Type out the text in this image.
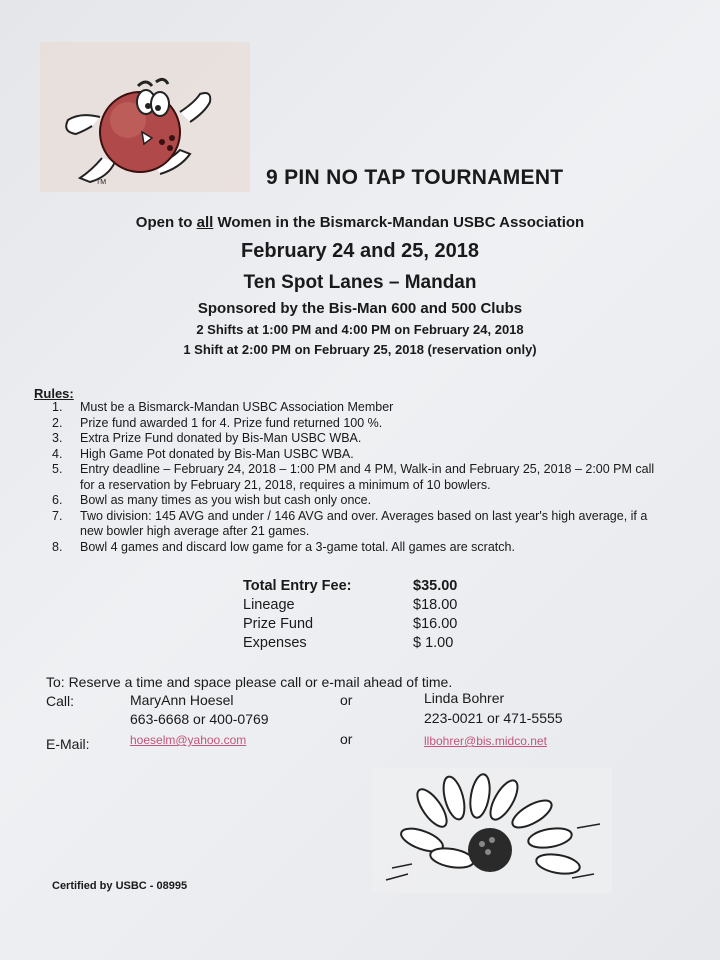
TM	9 PIN NO TAP TOURNAMENT
Open to all Women in the Bismarck-Mandan USBC Association
February 24 and 25, 2018
Ten Spot Lanes – Mandan
Sponsored by the Bis-Man 600 and 500 Clubs
2 Shifts at 1:00 PM and 4:00 PM on February 24, 2018
1 Shift at 2:00 PM on February 25, 2018 (reservation only)
Rules:
1.	Must be a Bismarck-Mandan USBC Association Member
2.	Prize fund awarded 1 for 4. Prize fund returned 100 %.
3.	Extra Prize Fund donated by Bis-Man USBC WBA.
4.	High Game Pot donated by Bis-Man USBC WBA.
5.	Entry deadline – February 24, 2018 – 1:00 PM and 4 PM, Walk-in and February 25, 2018 – 2:00 PM call for a reservation by February 21, 2018, requires a minimum of 10 bowlers.
6.	Bowl as many times as you wish but cash only once.
7.	Two division: 145 AVG and under / 146 AVG and over. Averages based on last year's high average, if a new bowler high average after 21 games.
8.	Bowl 4 games and discard low game for a 3-game total. All games are scratch.
Total Entry Fee:	$35.00
Lineage	$18.00
Prize Fund	$16.00
Expenses	$ 1.00
To: Reserve a time and space please call or e-mail ahead of time.
Call:	MaryAnn Hoesel
663-6668 or 400-0769
or	Linda Bohrer
223-0021 or 471-5555
E-Mail:	hoeselm@yahoo.com	or	llbohrer@bis.midco.net
Certified by USBC - 08995
